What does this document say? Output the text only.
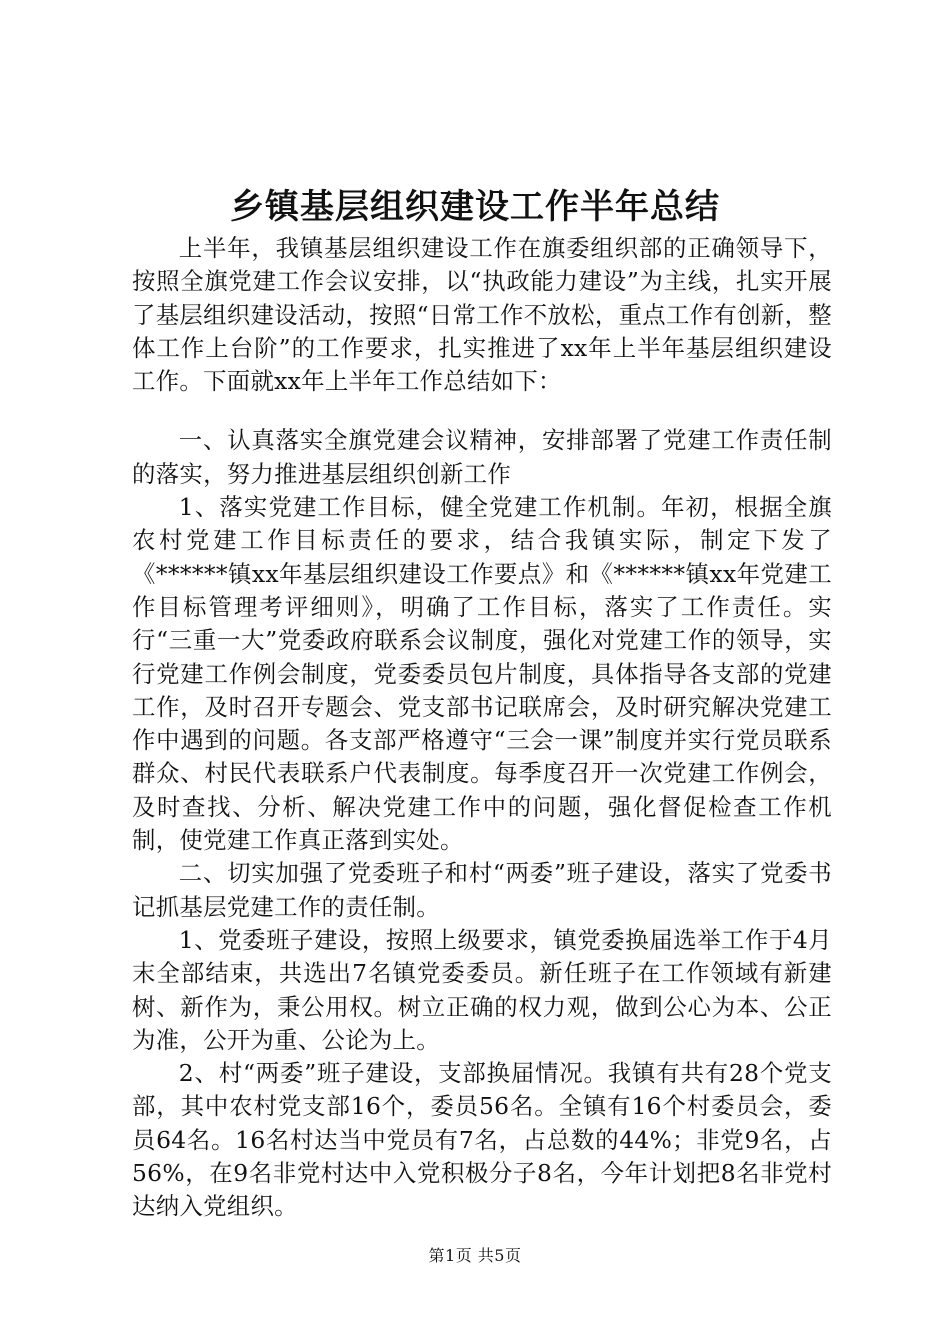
乡镇基层组织建设工作半年总结

上半年，我镇基层组织建设工作在旗委组织部的正确领导下，按照全旗党建工作会议安排，以“执政能力建设”为主线，扎实开展了基层组织建设活动，按照“日常工作不放松，重点工作有创新，整体工作上台阶”的工作要求，扎实推进了xx年上半年基层组织建设工作。下面就xx年上半年工作总结如下：

一、认真落实全旗党建会议精神，安排部署了党建工作责任制的落实，努力推进基层组织创新工作

1、落实党建工作目标，健全党建工作机制。年初，根据全旗农村党建工作目标责任的要求，结合我镇实际，制定下发了《******镇xx年基层组织建设工作要点》和《******镇xx年党建工作目标管理考评细则》，明确了工作目标，落实了工作责任。实行“三重一大”党委政府联系会议制度，强化对党建工作的领导，实行党建工作例会制度，党委委员包片制度，具体指导各支部的党建工作，及时召开专题会、党支部书记联席会，及时研究解决党建工作中遇到的问题。各支部严格遵守“三会一课”制度并实行党员联系群众、村民代表联系户代表制度。每季度召开一次党建工作例会，及时查找、分析、解决党建工作中的问题，强化督促检查工作机制，使党建工作真正落到实处。

二、切实加强了党委班子和村“两委”班子建设，落实了党委书记抓基层党建工作的责任制。

1、党委班子建设，按照上级要求，镇党委换届选举工作于4月末全部结束，共选出7名镇党委委员。新任班子在工作领域有新建树、新作为，秉公用权。树立正确的权力观，做到公心为本、公正为准，公开为重、公论为上。

2、村“两委”班子建设，支部换届情况。我镇有共有28个党支部，其中农村党支部16个，委员56名。全镇有16个村委员会，委员64名。16名村达当中党员有7名，占总数的44%；非党9名，占56%，在9名非党村达中入党积极分子8名，今年计划把8名非党村达纳入党组织。

第1页 共5页
